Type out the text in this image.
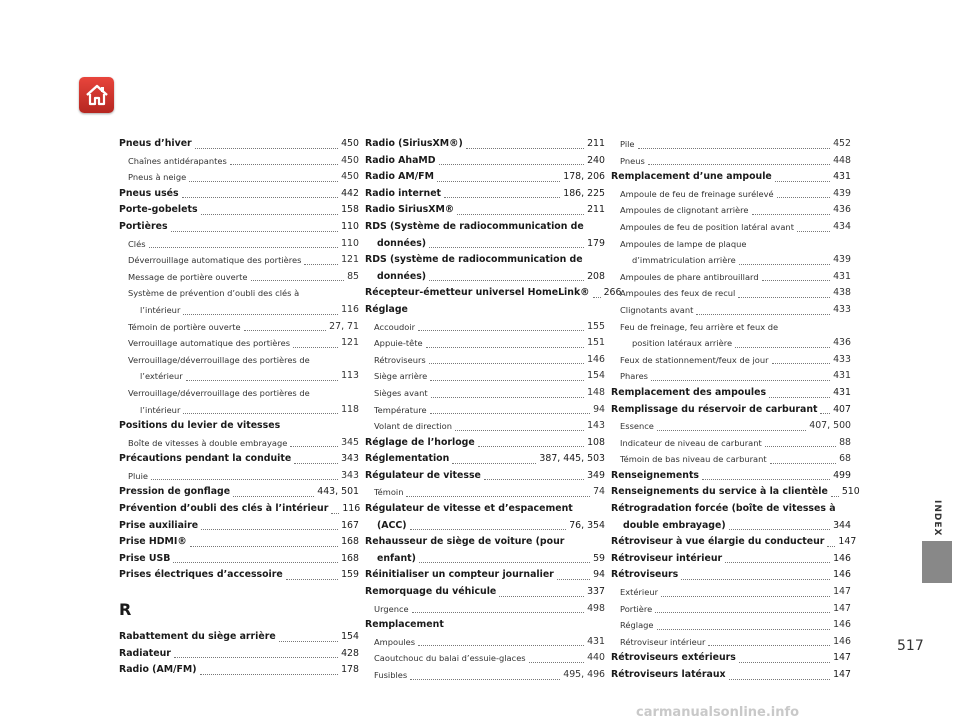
Pneus d’hiver	450
Chaînes antidérapantes	450
Pneus à neige	450
Pneus usés	442
Porte-gobelets	158
Portières	110
Clés	110
Déverrouillage automatique des portières	121
Message de portière ouverte	85
Système de prévention d’oubli des clés à
l’intérieur	116
Témoin de portière ouverte	27, 71
Verrouillage automatique des portières	121
Verrouillage/déverrouillage des portières de
l’extérieur	113
Verrouillage/déverrouillage des portières de
l’intérieur	118
Positions du levier de vitesses
Boîte de vitesses à double embrayage	345
Précautions pendant la conduite	343
Pluie	343
Pression de gonflage	443, 501
Prévention d’oubli des clés à l’intérieur 116
Prise auxiliaire	167
Prise HDMI®	168
Prise USB	168
Prises électriques d’accessoire	159
R
Rabattement du siège arrière	154
Radiateur	428
Radio (AM/FM)	178
Radio (SiriusXM®)	211
Radio AhaMD	240
Radio AM/FM	178, 206
Radio internet	186, 225
Radio SiriusXM®	211
RDS (Système de radiocommunication de
données)	179
RDS (système de radiocommunication de
données)	208
Récepteur-émetteur universel HomeLink® 266
Réglage
Accoudoir	155
Appuie-tête	151
Rétroviseurs	146
Siège arrière	154
Sièges avant	148
Température	94
Volant de direction	143
Réglage de l’horloge	108
Réglementation	387, 445, 503
Régulateur de vitesse	349
Témoin	74
Régulateur de vitesse et d’espacement
(ACC)	76, 354
Rehausseur de siège de voiture (pour
enfant)	59
Réinitialiser un compteur journalier	94
Remorquage du véhicule	337
Urgence	498
Remplacement
Ampoules	431
Caoutchouc du balai d’essuie-glaces	440
Fusibles	495, 496
Pile	452
Pneus	448
Remplacement d’une ampoule	431
Ampoule de feu de freinage surélevé	439
Ampoules de clignotant arrière	436
Ampoules de feu de position latéral avant	434
Ampoules de lampe de plaque
d’immatriculation arrière	439
Ampoules de phare antibrouillard	431
Ampoules des feux de recul	438
Clignotants avant	433
Feu de freinage, feu arrière et feux de
position latéraux arrière	436
Feux de stationnement/feux de jour	433
Phares	431
Remplacement des ampoules	431
Remplissage du réservoir de carburant 407
Essence	407, 500
Indicateur de niveau de carburant	88
Témoin de bas niveau de carburant	68
Renseignements	499
Renseignements du service à la clientèle 510
Rétrogradation forcée (boîte de vitesses à
double embrayage)	344
Rétroviseur à vue élargie du conducteur 147
Rétroviseur intérieur	146
Rétroviseurs	146
Extérieur	147
Portière	147
Réglage	146
Rétroviseur intérieur	146
Rétroviseurs extérieurs	147
Rétroviseurs latéraux	147
INDEX
517
carmanualsonline.info
